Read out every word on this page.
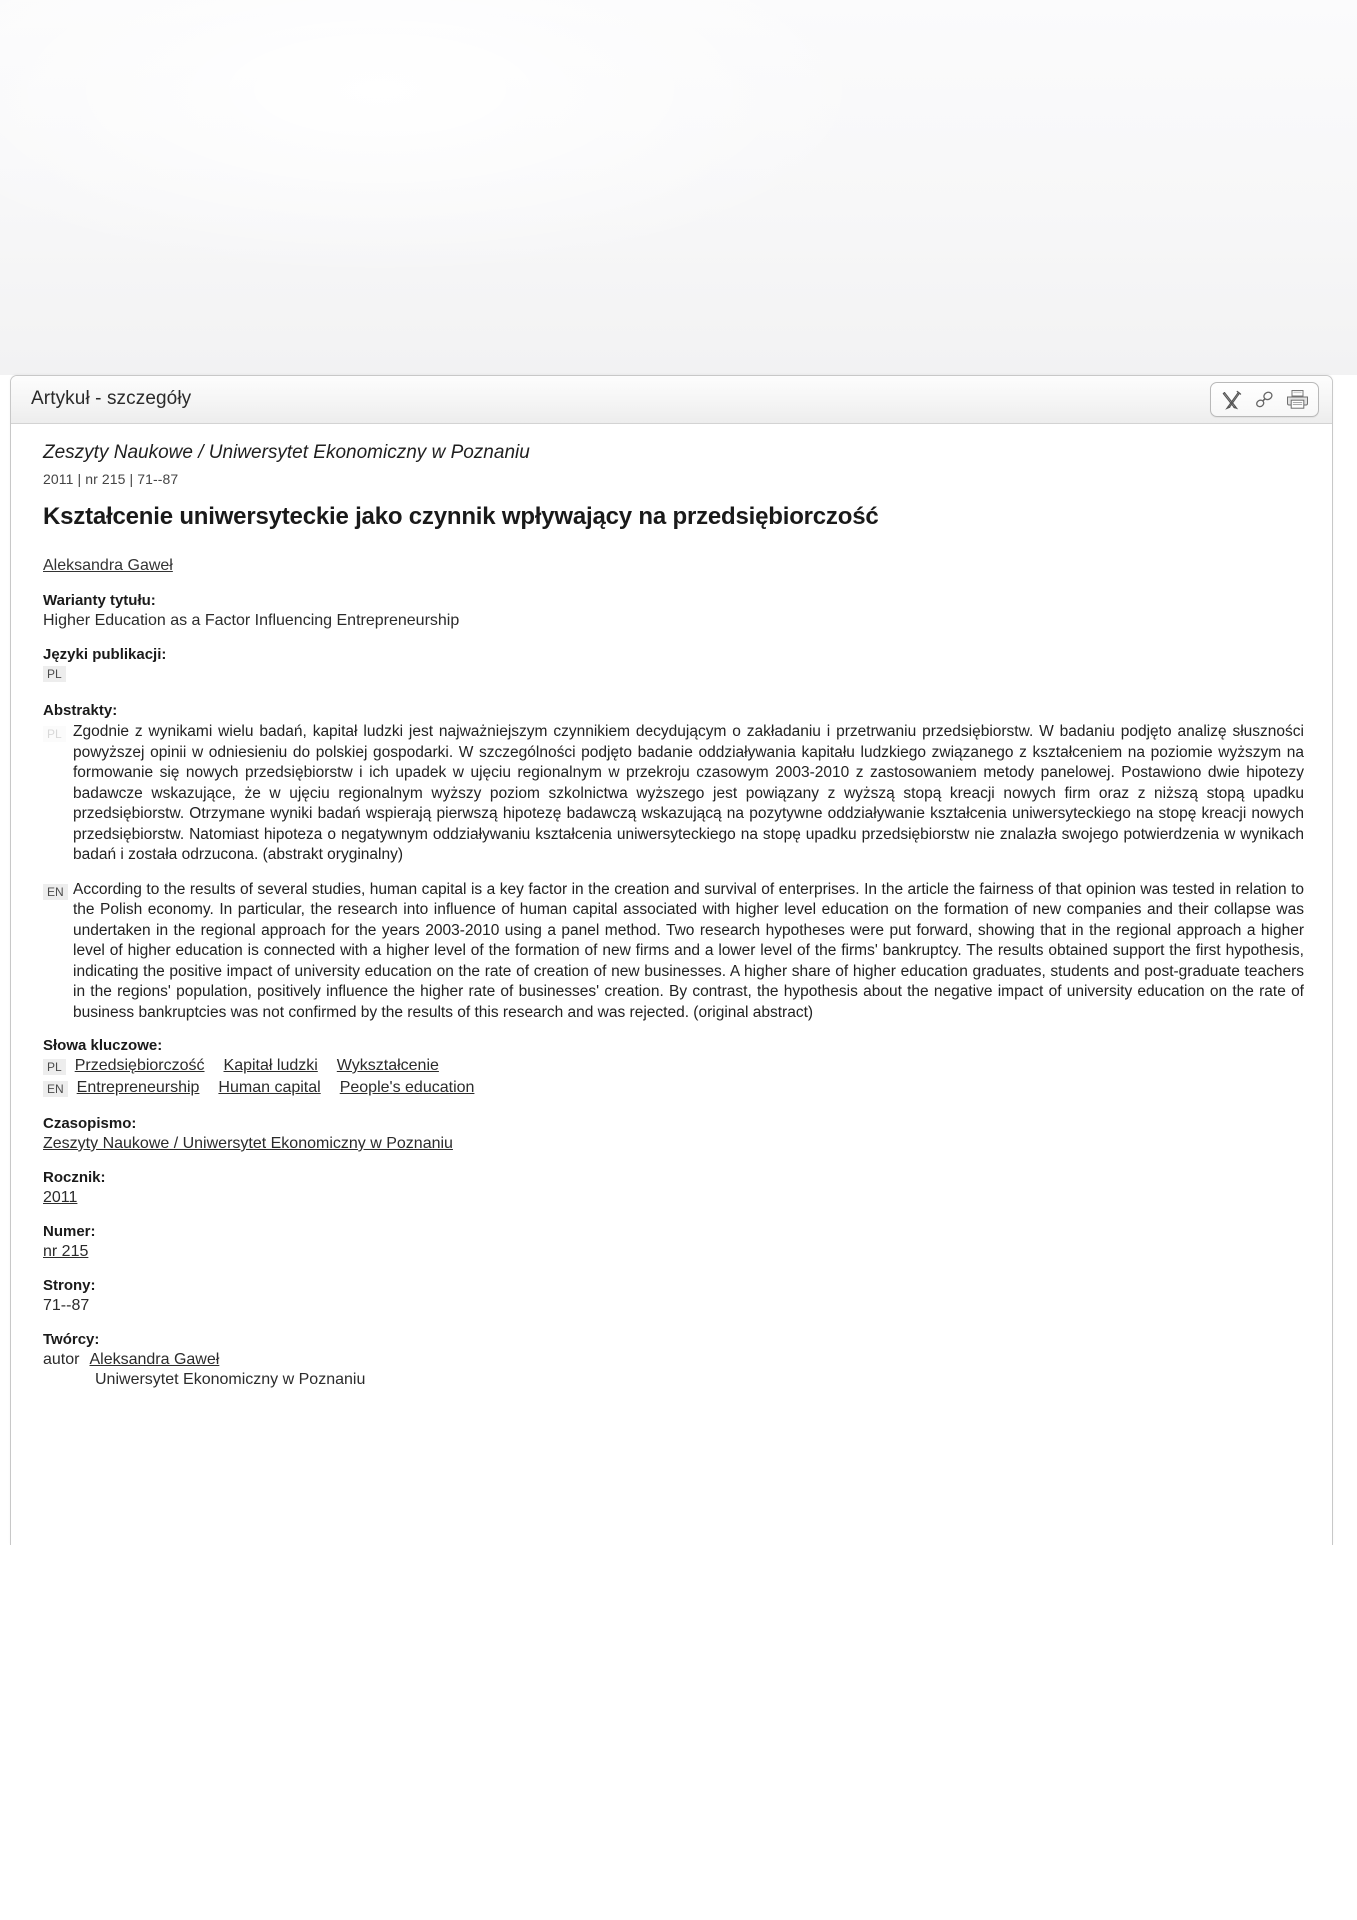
Artykuł - szczegóły
Zeszyty Naukowe / Uniwersytet Ekonomiczny w Poznaniu
2011 | nr 215 | 71--87
Kształcenie uniwersyteckie jako czynnik wpływający na przedsiębiorczość
Aleksandra Gaweł
Warianty tytułu:
Higher Education as a Factor Influencing Entrepreneurship
Języki publikacji:
PL
Abstrakty:
PL Zgodnie z wynikami wielu badań, kapitał ludzki jest najważniejszym czynnikiem decydującym o zakładaniu i przetrwaniu przedsiębiorstw. W badaniu podjęto analizę słuszności powyższej opinii w odniesieniu do polskiej gospodarki. W szczególności podjęto badanie oddziaływania kapitału ludzkiego związanego z kształceniem na poziomie wyższym na formowanie się nowych przedsiębiorstw i ich upadek w ujęciu regionalnym w przekroju czasowym 2003-2010 z zastosowaniem metody panelowej. Postawiono dwie hipotezy badawcze wskazujące, że w ujęciu regionalnym wyższy poziom szkolnictwa wyższego jest powiązany z wyższą stopą kreacji nowych firm oraz z niższą stopą upadku przedsiębiorstw. Otrzymane wyniki badań wspierają pierwszą hipotezę badawczą wskazującą na pozytywne oddziaływanie kształcenia uniwersyteckiego na stopę kreacji nowych przedsiębiorstw. Natomiast hipoteza o negatywnym oddziaływaniu kształcenia uniwersyteckiego na stopę upadku przedsiębiorstw nie znalazła swojego potwierdzenia w wynikach badań i została odrzucona. (abstrakt oryginalny)
EN According to the results of several studies, human capital is a key factor in the creation and survival of enterprises. In the article the fairness of that opinion was tested in relation to the Polish economy. In particular, the research into influence of human capital associated with higher level education on the formation of new companies and their collapse was undertaken in the regional approach for the years 2003-2010 using a panel method. Two research hypotheses were put forward, showing that in the regional approach a higher level of higher education is connected with a higher level of the formation of new firms and a lower level of the firms' bankruptcy. The results obtained support the first hypothesis, indicating the positive impact of university education on the rate of creation of new businesses. A higher share of higher education graduates, students and post-graduate teachers in the regions' population, positively influence the higher rate of businesses' creation. By contrast, the hypothesis about the negative impact of university education on the rate of business bankruptcies was not confirmed by the results of this research and was rejected. (original abstract)
Słowa kluczowe:
PL Przedsiębiorczość Kapitał ludzki Wykształcenie
EN Entrepreneurship Human capital People's education
Czasopismo:
Zeszyty Naukowe / Uniwersytet Ekonomiczny w Poznaniu
Rocznik:
2011
Numer:
nr 215
Strony:
71--87
Twórcy:
autor Aleksandra Gaweł
Uniwersytet Ekonomiczny w Poznaniu
